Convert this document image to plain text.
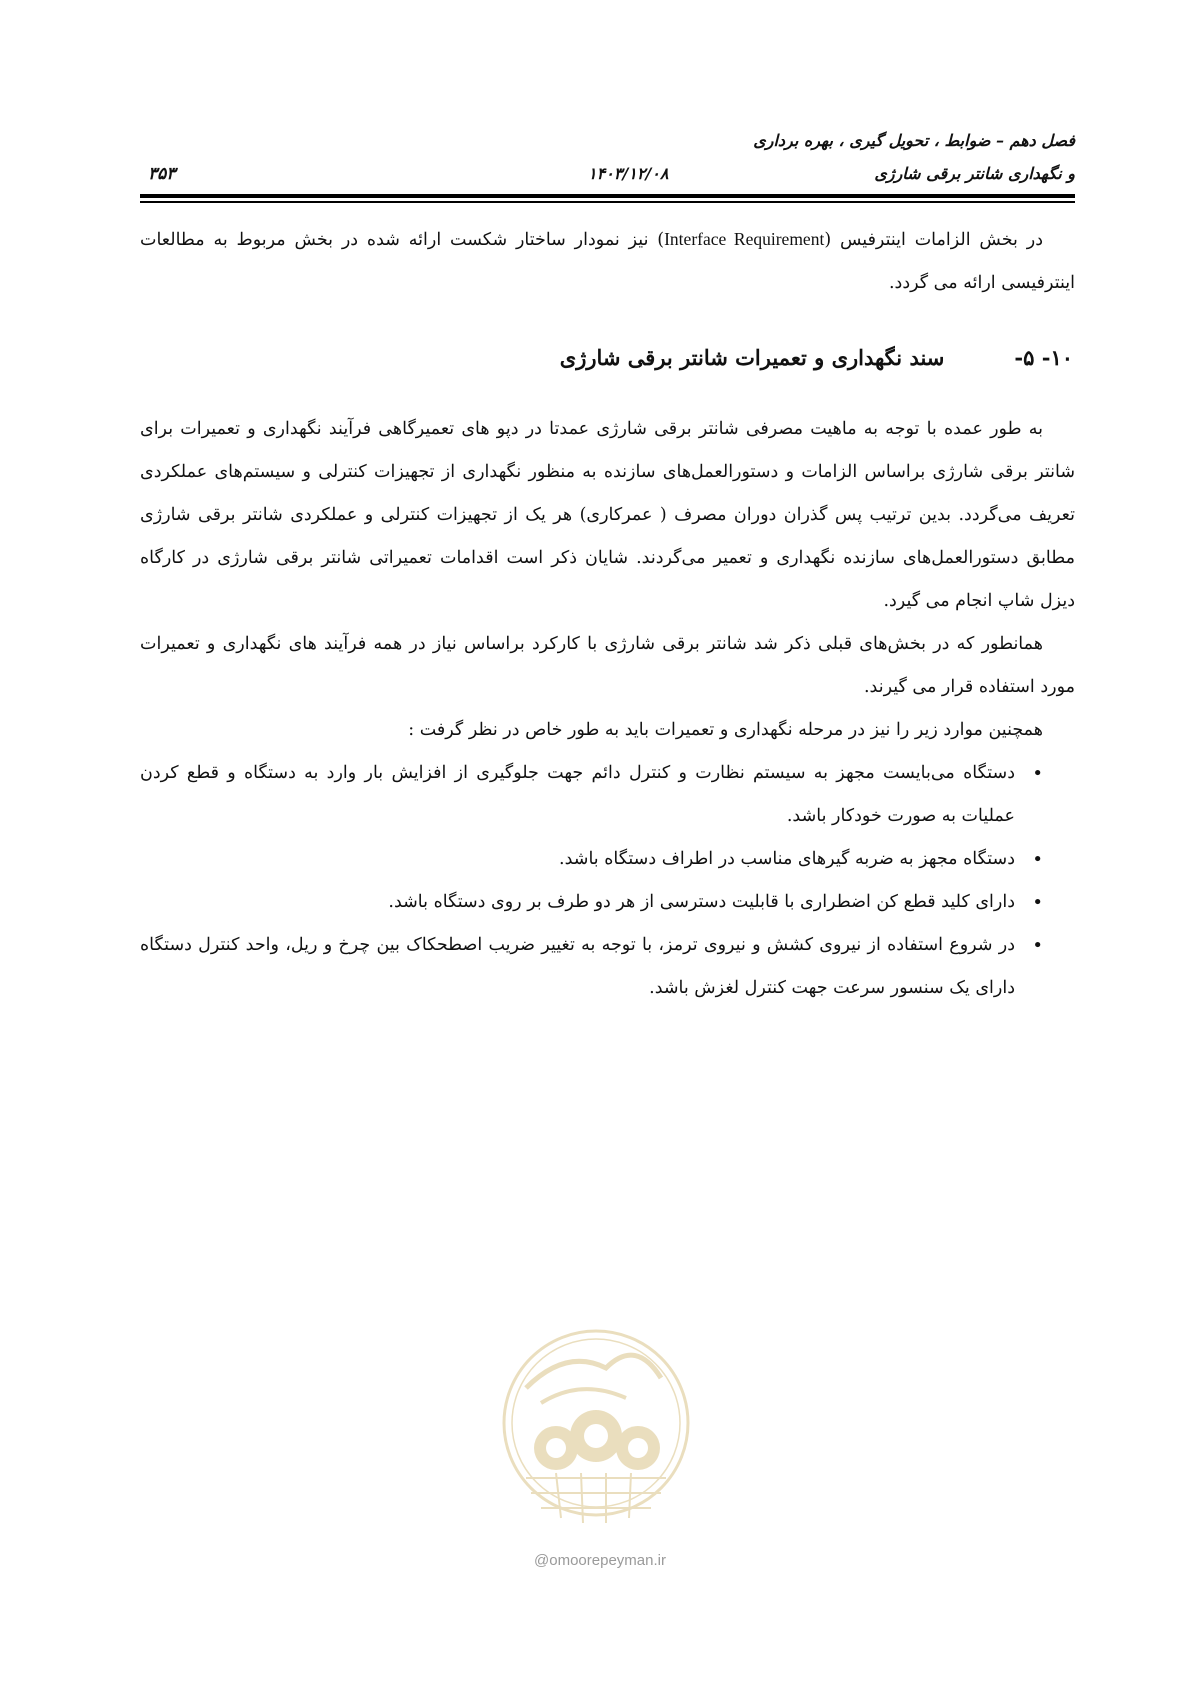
فصل دهم – ضوابط ، تحویل گیری ، بهره برداری
و نگهداری شانتر برقی شارژی
۱۴۰۳/۱۲/۰۸
۳۵۳

در بخش الزامات اینترفیس (Interface Requirement) نیز نمودار ساختار شکست ارائه شده در بخش مربوط به مطالعات اینترفیسی ارائه می گردد.

۱۰- ۵-
سند نگهداری و تعمیرات شانتر برقی شارژی

به طور عمده با توجه به ماهیت مصرفی شانتر برقی شارژی عمدتا در دپو های تعمیرگاهی فرآیند نگهداری و تعمیرات برای شانتر برقی شارژی براساس الزامات و دستورالعمل‌های سازنده به منظور نگهداری از تجهیزات کنترلی و سیستم‌های عملکردی تعریف می‌گردد. بدین ترتیب پس گذران دوران مصرف ( عمرکاری) هر یک از تجهیزات کنترلی و عملکردی شانتر برقی شارژی مطابق دستورالعمل‌های سازنده نگهداری و تعمیر می‌گردند. شایان ذکر است اقدامات تعمیراتی شانتر برقی شارژی در کارگاه دیزل شاپ انجام می گیرد.

همانطور که در بخش‌های قبلی ذکر شد شانتر برقی شارژی با کارکرد براساس نیاز در همه فرآیند های نگهداری و تعمیرات مورد استفاده قرار می گیرند.

همچنین موارد زیر را نیز در مرحله نگهداری و تعمیرات باید به طور خاص در نظر گرفت :

•
دستگاه می‌بایست مجهز به سیستم نظارت و کنترل دائم جهت جلوگیری از افزایش بار وارد به دستگاه و قطع کردن عملیات به صورت خودکار باشد.
•
دستگاه مجهز به ضربه گیرهای مناسب در اطراف دستگاه باشد.
•
دارای کلید قطع کن اضطراری با قابلیت دسترسی از هر دو طرف بر روی دستگاه باشد.
•
در شروع استفاده از نیروی کشش و نیروی ترمز، با توجه به تغییر ضریب اصطحکاک بین چرخ و ریل، واحد کنترل دستگاه دارای یک سنسور سرعت جهت کنترل لغزش باشد.
@omoorepeyman.ir
